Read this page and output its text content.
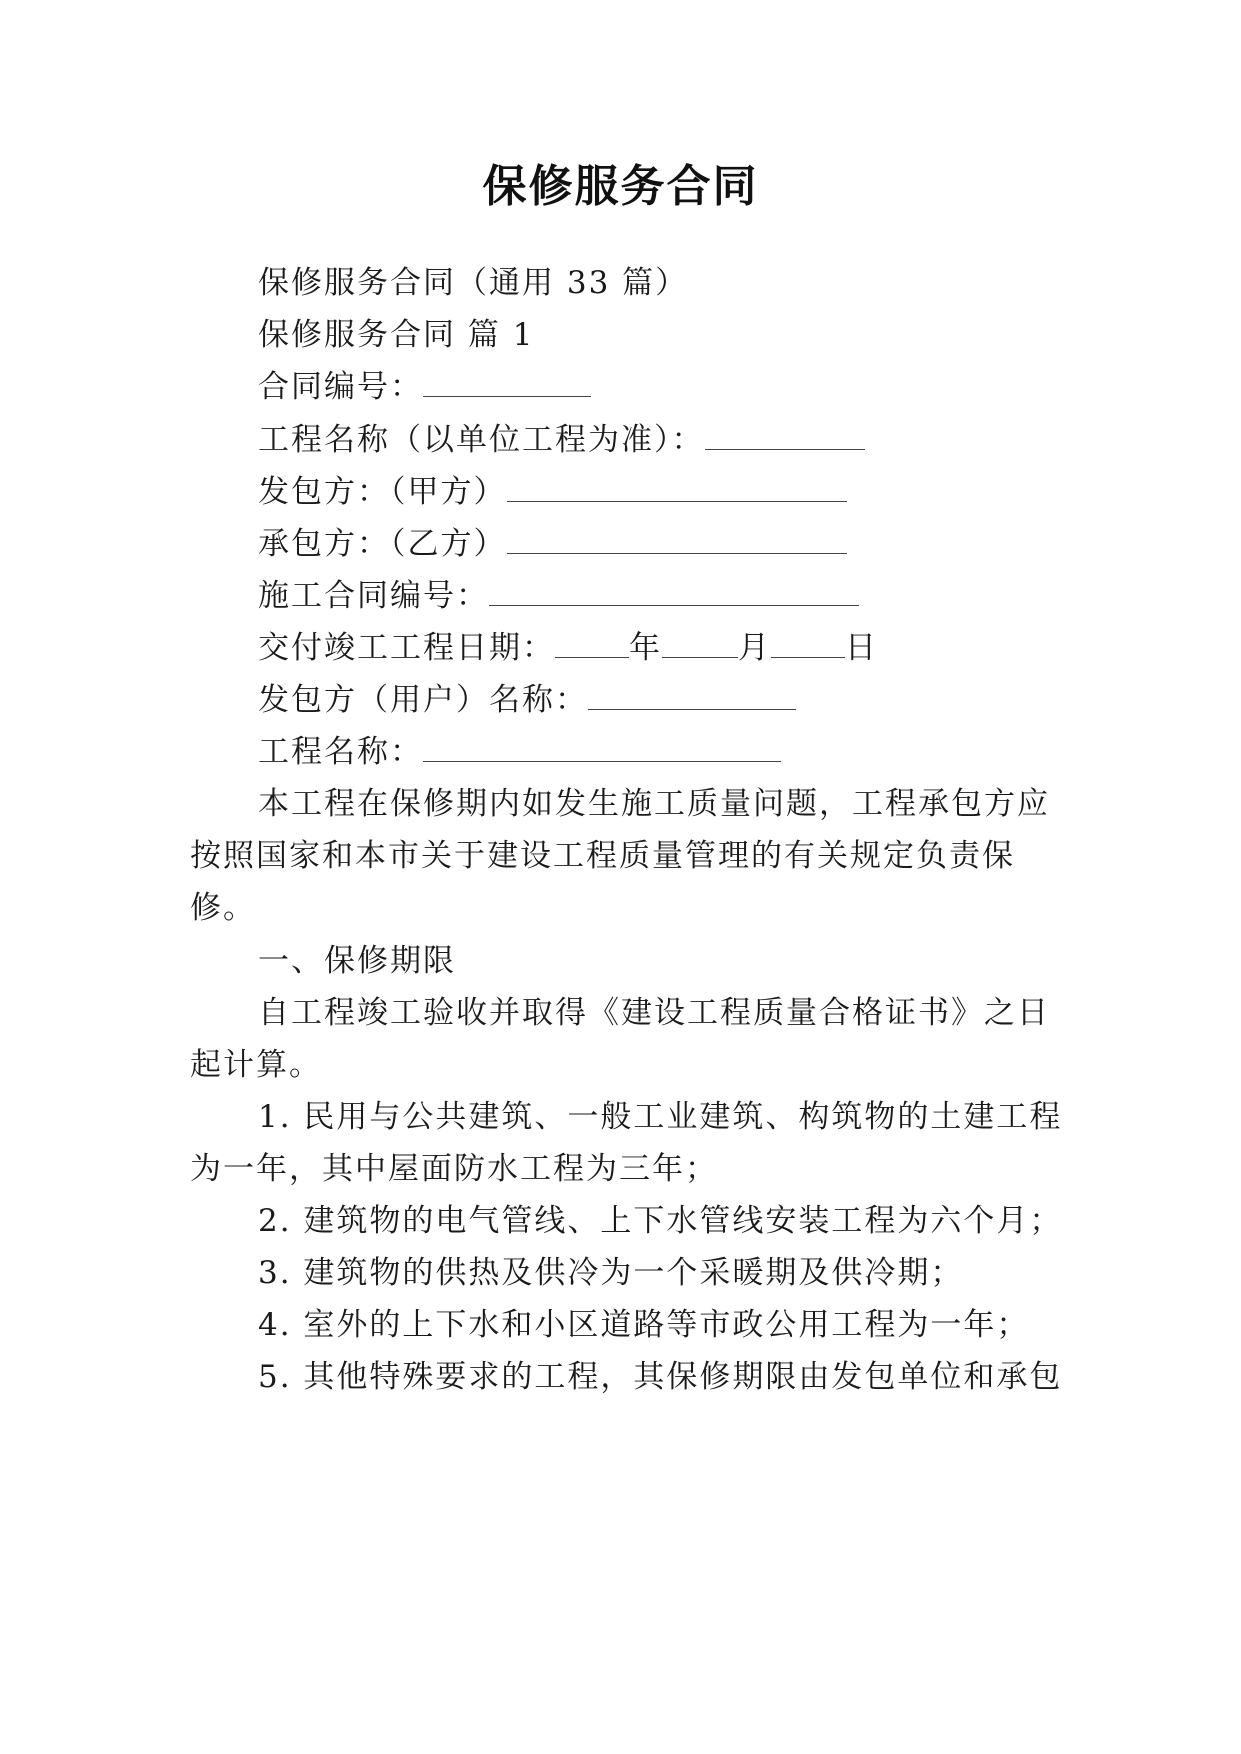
保修服务合同
保修服务合同（通用 33 篇）
保修服务合同 篇 1
合同编号：
工程名称（以单位工程为准）：
发包方：（甲方）
承包方：（乙方）
施工合同编号：
交付竣工工程日期： 年 月 日
发包方（用户）名称：
工程名称：
本工程在保修期内如发生施工质量问题，工程承包方应
按照国家和本市关于建设工程质量管理的有关规定负责保
修。
一、保修期限
自工程竣工验收并取得《建设工程质量合格证书》之日
起计算。
1. 民用与公共建筑、一般工业建筑、构筑物的土建工程
为一年，其中屋面防水工程为三年；
2. 建筑物的电气管线、上下水管线安装工程为六个月；
3. 建筑物的供热及供冷为一个采暖期及供冷期；
4. 室外的上下水和小区道路等市政公用工程为一年；
5. 其他特殊要求的工程，其保修期限由发包单位和承包
